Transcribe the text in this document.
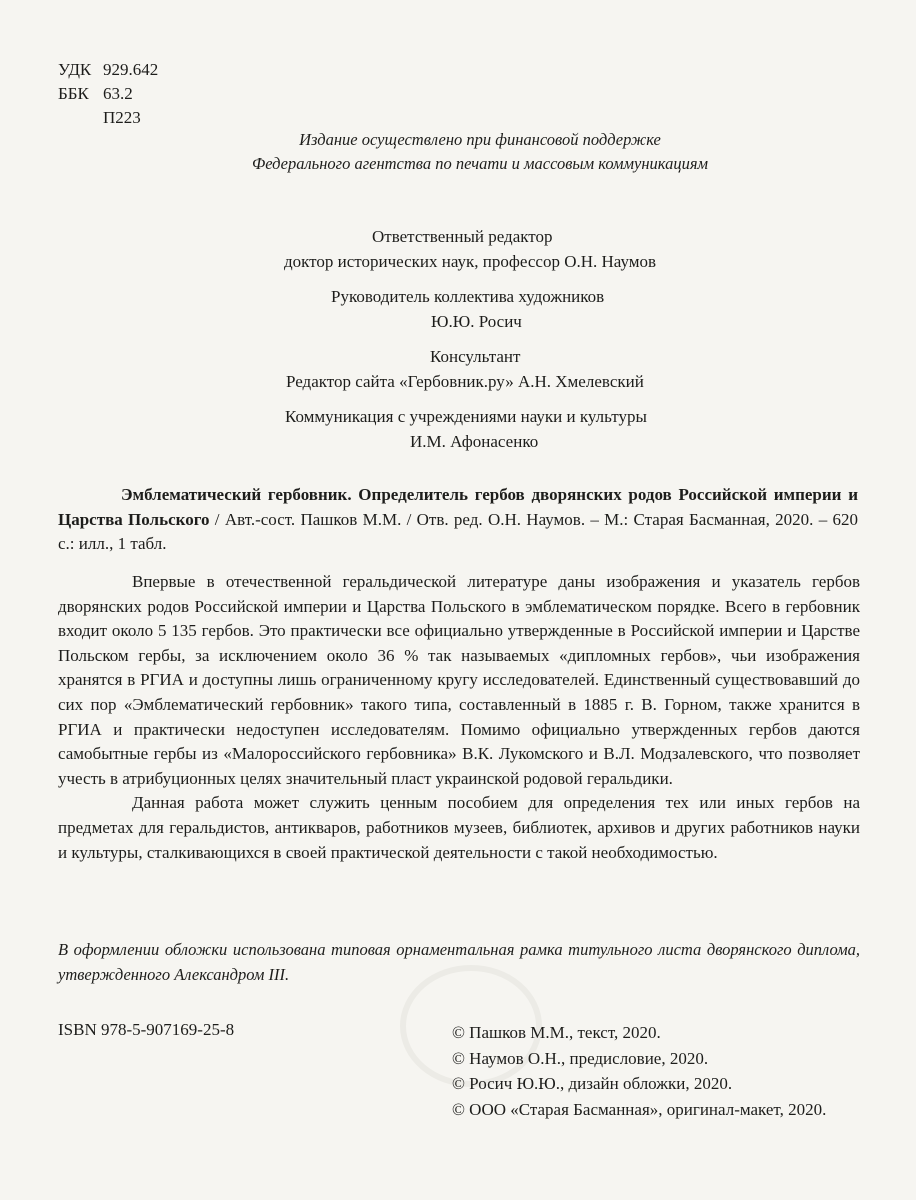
УДК 929.642
ББК 63.2
П223
Издание осуществлено при финансовой поддержке
Федерального агентства по печати и массовым коммуникациям
Ответственный редактор
доктор исторических наук, профессор О.Н. Наумов
Руководитель коллектива художников
Ю.Ю. Росич
Консультант
Редактор сайта «Гербовник.ру» А.Н. Хмелевский
Коммуникация с учреждениями науки и культуры
И.М. Афонасенко
Эмблематический гербовник. Определитель гербов дворянских родов Российской империи и Царства Польского / Авт.-сост. Пашков М.М. / Отв. ред. О.Н. Наумов. – М.: Старая Басманная, 2020. – 620 с.: илл., 1 табл.

Впервые в отечественной геральдической литературе даны изображения и указатель гербов дворянских родов Российской империи и Царства Польского в эмблематическом порядке. Всего в гербовник входит около 5 135 гербов. Это практически все официально утвержденные в Российской империи и Царстве Польском гербы, за исключением около 36 % так называемых «дипломных гербов», чьи изображения хранятся в РГИА и доступны лишь ограниченному кругу исследователей. Единственный существовавший до сих пор «Эмблематический гербовник» такого типа, составленный в 1885 г. В. Горном, также хранится в РГИА и практически недоступен исследователям. Помимо официально утвержденных гербов даются самобытные гербы из «Малороссийского гербовника» В.К. Лукомского и В.Л. Модзалевского, что позволяет учесть в атрибуционных целях значительный пласт украинской родовой геральдики.

Данная работа может служить ценным пособием для определения тех или иных гербов на предметах для геральдистов, антикваров, работников музеев, библиотек, архивов и других работников науки и культуры, сталкивающихся в своей практической деятельности с такой необходимостью.

В оформлении обложки использована типовая орнаментальная рамка титульного листа дворянского диплома, утвержденного Александром III.
ISBN 978-5-907169-25-8	© Пашков М.М., текст, 2020.
© Наумов О.Н., предисловие, 2020.
© Росич Ю.Ю., дизайн обложки, 2020.
© ООО «Старая Басманная», оригинал-макет, 2020.
